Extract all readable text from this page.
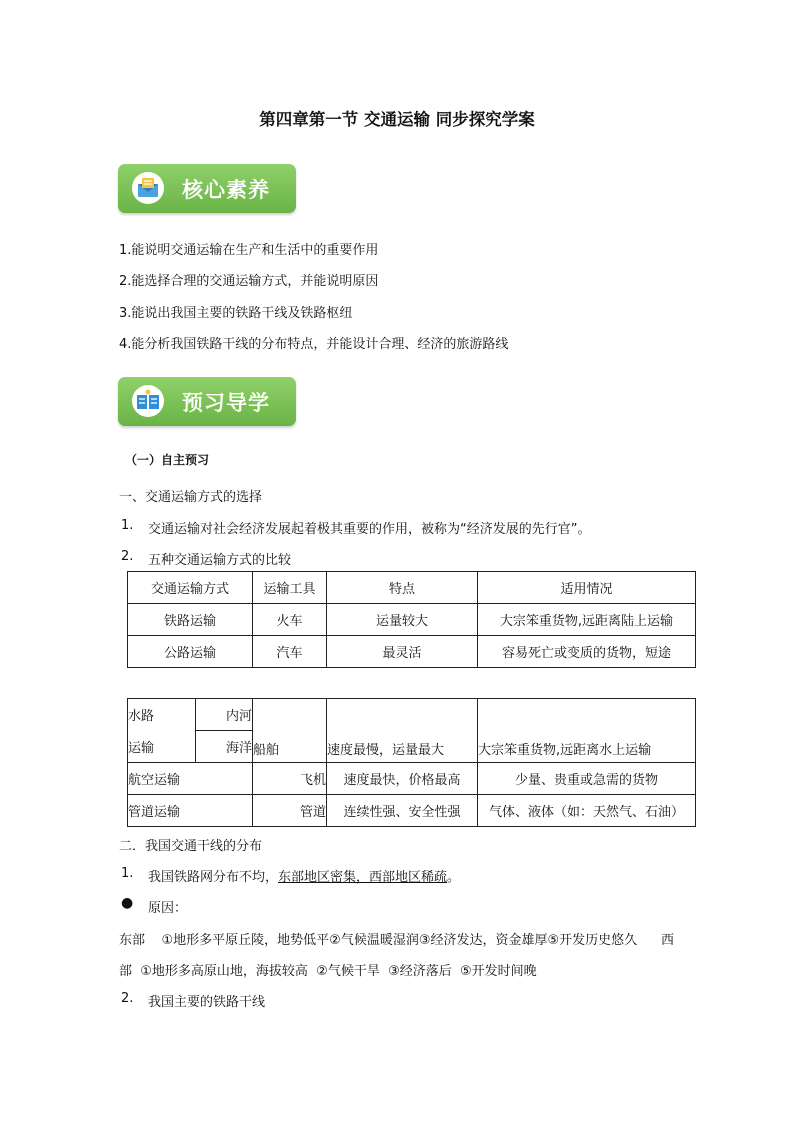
第四章第一节 交通运输 同步探究学案
核心素养
1.能说明交通运输在生产和生活中的重要作用
2.能选择合理的交通运输方式，并能说明原因
3.能说出我国主要的铁路干线及铁路枢纽
4.能分析我国铁路干线的分布特点，并能设计合理、经济的旅游路线
预习导学
（一）自主预习
一、交通运输方式的选择
1. 交通运输对社会经济发展起着极其重要的作用，被称为“经济发展的先行官”。
2. 五种交通运输方式的比较
交通运输方式	运输工具	特点	适用情况
铁路运输	火车	运量较大	大宗笨重货物,远距离陆上运输
公路运输	汽车	最灵活	容易死亡或变质的货物，短途
水路	内河	船舶	速度最慢，运量最大	大宗笨重货物,远距离水上运输
运输	海洋			
航空运输		飞机	速度最快，价格最高	少量、贵重或急需的货物
管道运输		管道	连续性强、安全性强	气体、液体（如：天然气、石油）
二．我国交通干线的分布
1. 我国铁路网分布不均，东部地区密集，西部地区稀疏。
● 原因：
东部    ①地形多平原丘陵，地势低平②气候温暖湿润③经济发达，资金雄厚⑤开发历史悠久 西
部  ①地形多高原山地，海拔较高  ②气候干旱  ③经济落后  ⑤开发时间晚
2. 我国主要的铁路干线
